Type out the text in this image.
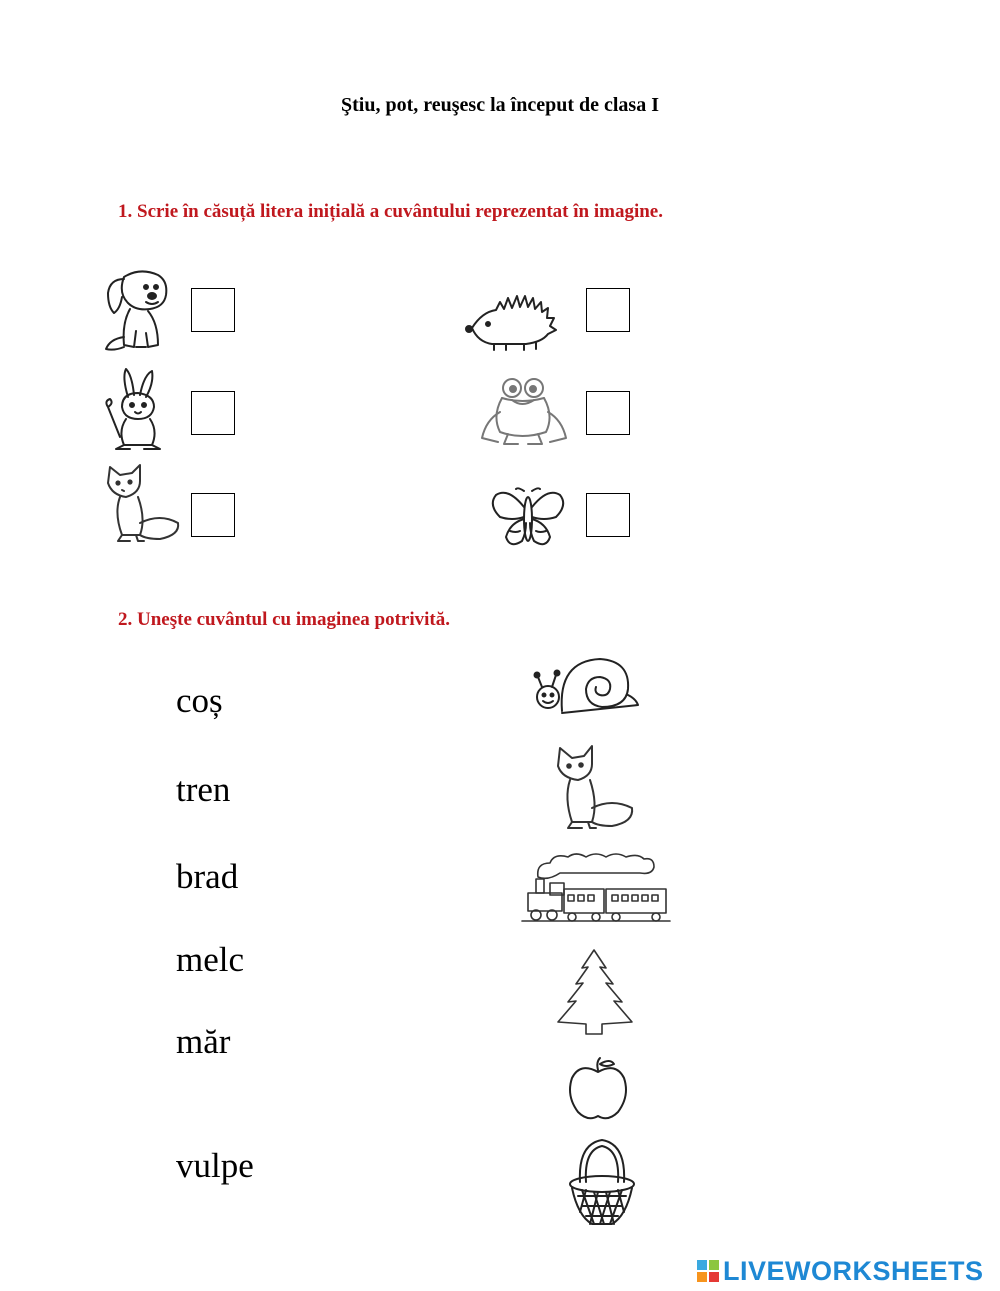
Ştiu, pot, reuşesc la început de clasa I
1. Scrie în căsuță litera inițială a cuvântului reprezentat în imagine.
2. Uneşte cuvântul cu imaginea potrivită.
coș
tren
brad
melc
măr
vulpe
LIVEWORKSHEETS
